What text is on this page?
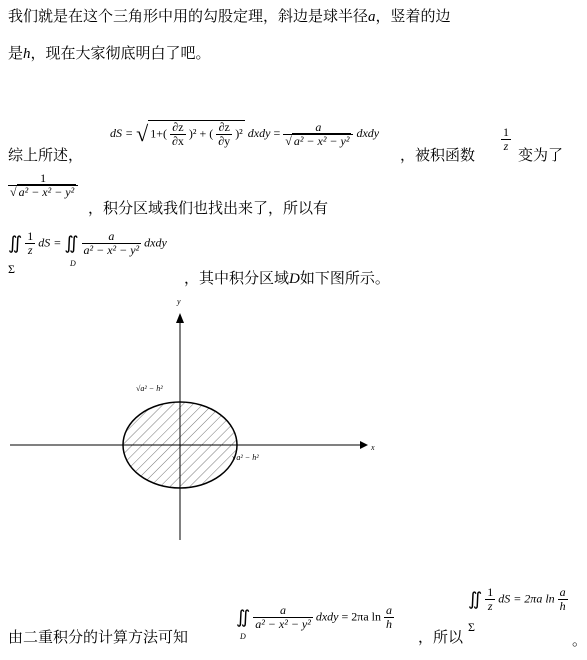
我们就是在这个三角形中用的勾股定理，斜边是球半径a，竖着的边
是h，现在大家彻底明白了吧。
dS = √ $1+( \frac{\partial z}{\partial x} )^2$ + ( $\frac{\partial z}{\partial y} )^2$ dxdy = $\frac{a}{\text{√ a² − x² − y²}}$ dxdy
综上所述，	，被积函数
$\frac{1}{z}$
变为了
$\frac{1}{\text{√ a² − x² − y²}}$
，积分区域我们也找出来了，所以有
∬ $\frac{1}{z}$ dS = ∬ $\frac{a}{\text{a² − x² − y²}}$ dxdy
Σ	D
，其中积分区域D如下图所示。
y
x
√a² − h²
√a² − h²
由二重积分的计算方法可知
∬ $\frac{a}{\text{a² − x² − y²}}$ dxdy = 2πa $\ln \frac{a}{h}$
D	，所以
∬ $\frac{1}{z}$ dS = 2πa $\ln \frac{a}{h}$
Σ
。
